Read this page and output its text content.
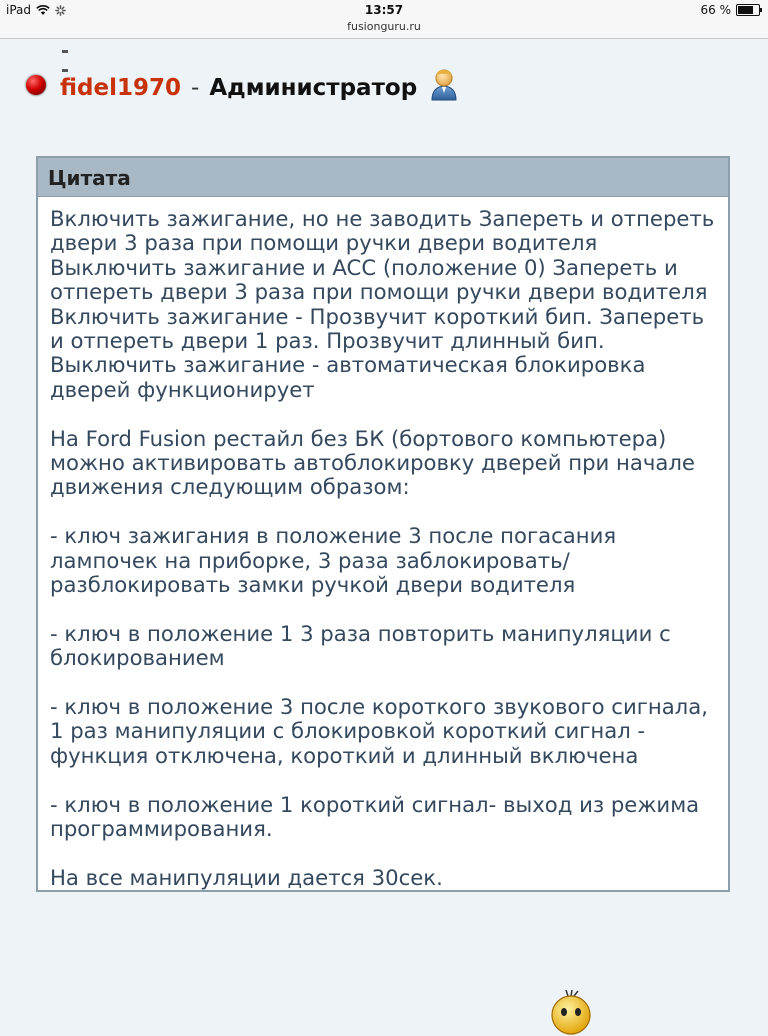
iPad	13:57	66 %
fusionguru.ru
fidel1970 - Администратор
Цитата

Включить зажигание, но не заводить Запереть и отпереть двери 3 раза при помощи ручки двери водителя Выключить зажигание и ACC (положение 0) Запереть и отпереть двери 3 раза при помощи ручки двери водителя Включить зажигание - Прозвучит короткий бип. Запереть и отпереть двери 1 раз. Прозвучит длинный бип. Выключить зажигание - автоматическая блокировка дверей функционирует

На Ford Fusion рестайл без БК (бортового компьютера) можно активировать автоблокировку дверей при начале движения следующим образом:

- ключ зажигания в положение 3 после погасания лампочек на приборке, 3 раза заблокировать/ разблокировать замки ручкой двери водителя

- ключ в положение 1 3 раза повторить манипуляции с блокированием

- ключ в положение 3 после короткого звукового сигнала, 1 раз манипуляции с блокировкой короткий сигнал - функция отключена, короткий и длинный включена

- ключ в положение 1 короткий сигнал- выход из режима программирования.

На все манипуляции дается 30сек.
